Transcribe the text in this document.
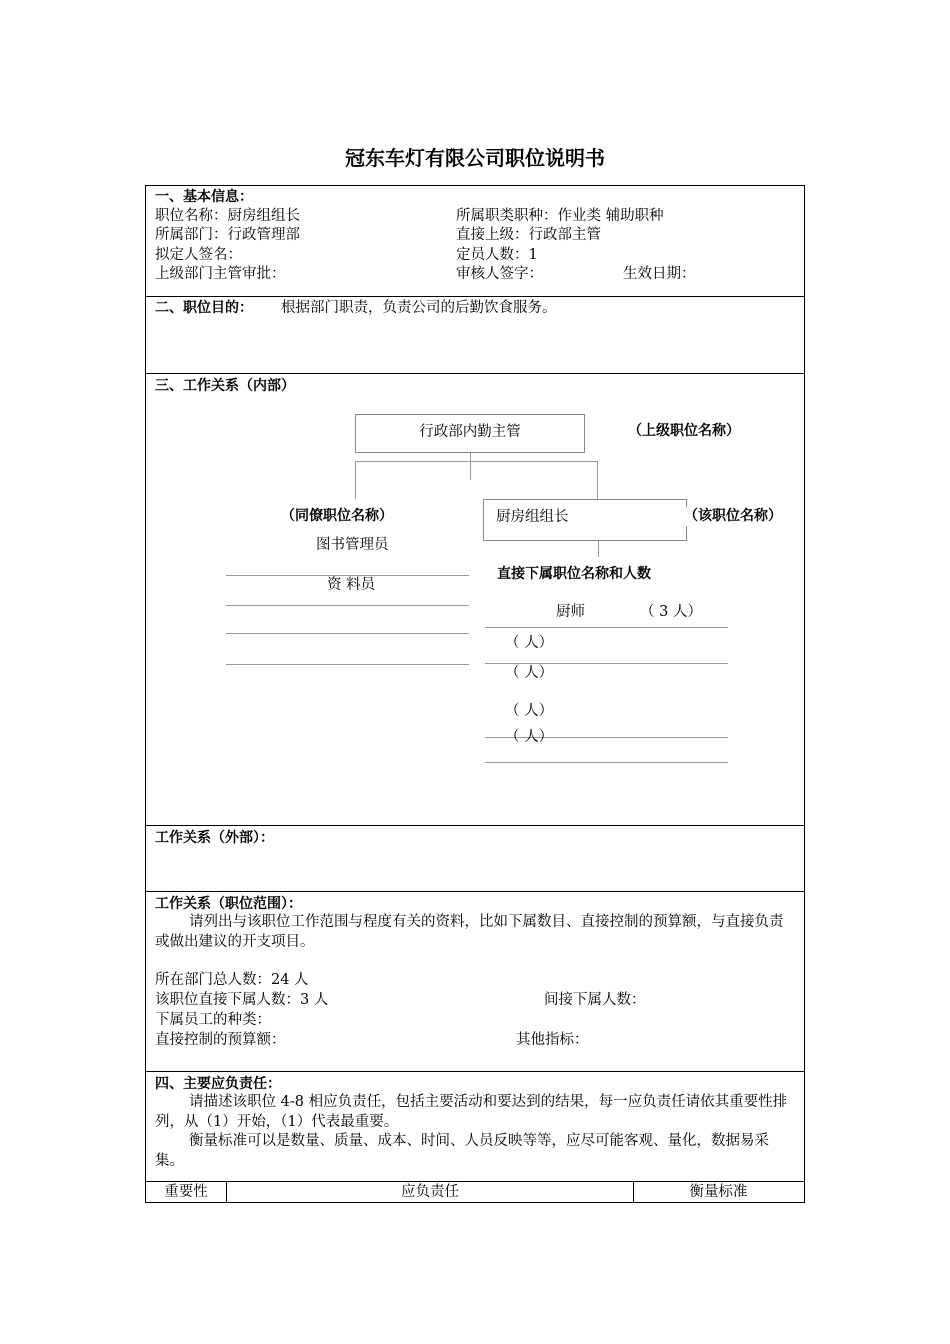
冠东车灯有限公司职位说明书
一、基本信息：
职位名称：厨房组组长	所属职类职种：作业类 辅助职种
所属部门：行政管理部	直接上级：行政部主管
拟定人签名：	定员人数：1
上级部门主管审批：	审核人签字：	生效日期：
二、职位目的： 根据部门职责，负责公司的后勤饮食服务。
三、工作关系（内部）
行政部内勤主管	（上级职位名称）
厨房组组长	（该职位名称）
（同僚职位名称）
图书管理员
资 料员
直接下属职位名称和人数
厨师	（ 3 人）
（ 人）
（ 人）
（ 人）
（ 人）
工作关系（外部）：
工作关系（职位范围）：
请列出与该职位工作范围与程度有关的资料，比如下属数目、直接控制的预算额，与直接负责或做出建议的开支项目。
所在部门总人数：24 人
该职位直接下属人数：3 人	间接下属人数：
下属员工的种类：
直接控制的预算额：	其他指标：
四、主要应负责任：
请描述该职位 4-8 相应负责任，包括主要活动和要达到的结果，每一应负责任请依其重要性排列，从（1）开始，（1）代表最重要。
衡量标准可以是数量、质量、成本、时间、人员反映等等，应尽可能客观、量化，数据易采集。
重要性	应负责任	衡量标准
